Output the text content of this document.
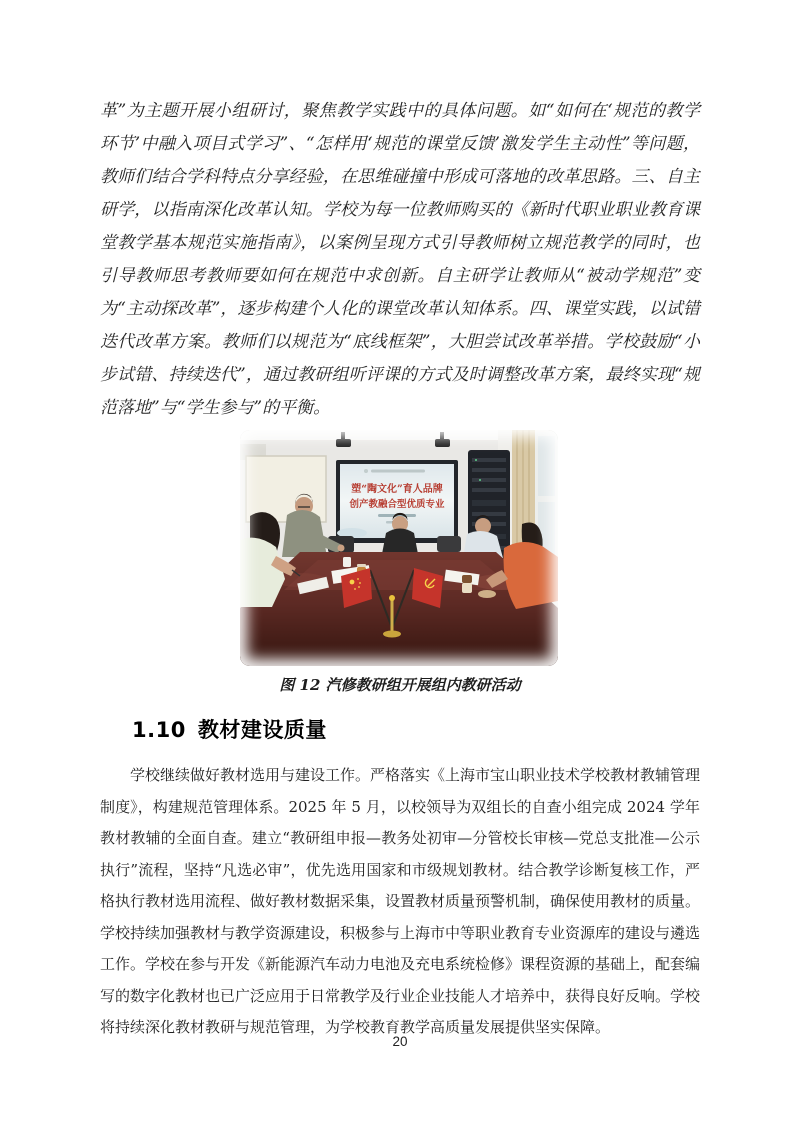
革”为主题开展小组研讨，聚焦教学实践中的具体问题。如“如何在‘规范的教学环节’中融入项目式学习”、“怎样用‘规范的课堂反馈’激发学生主动性”等问题，教师们结合学科特点分享经验，在思维碰撞中形成可落地的改革思路。三、自主研学，以指南深化改革认知。学校为每一位教师购买的《新时代职业职业教育课堂教学基本规范实施指南》，以案例呈现方式引导教师树立规范教学的同时，也引导教师思考教师要如何在规范中求创新。自主研学让教师从“被动学规范”变为“主动探改革”，逐步构建个人化的课堂改革认知体系。四、课堂实践，以试错迭代改革方案。教师们以规范为“底线框架”，大胆尝试改革举措。学校鼓励“小步试错、持续迭代”，通过教研组听评课的方式及时调整改革方案，最终实现“规范落地”与“学生参与”的平衡。

塑“陶文化”育人品牌
创产教融合型优质专业
图 12 汽修教研组开展组内教研活动
1.10 教材建设质量

学校继续做好教材选用与建设工作。严格落实《上海市宝山职业技术学校教材教辅管理制度》，构建规范管理体系。2025 年 5 月，以校领导为双组长的自查小组完成 2024 学年教材教辅的全面自查。建立“教研组申报—教务处初审—分管校长审核—党总支批准—公示执行”流程，坚持“凡选必审”，优先选用国家和市级规划教材。结合教学诊断复核工作，严格执行教材选用流程、做好教材数据采集，设置教材质量预警机制，确保使用教材的质量。学校持续加强教材与教学资源建设，积极参与上海市中等职业教育专业资源库的建设与遴选工作。学校在参与开发《新能源汽车动力电池及充电系统检修》课程资源的基础上，配套编写的数字化教材也已广泛应用于日常教学及行业企业技能人才培养中，获得良好反响。学校将持续深化教材教研与规范管理，为学校教育教学高质量发展提供坚实保障。

20
